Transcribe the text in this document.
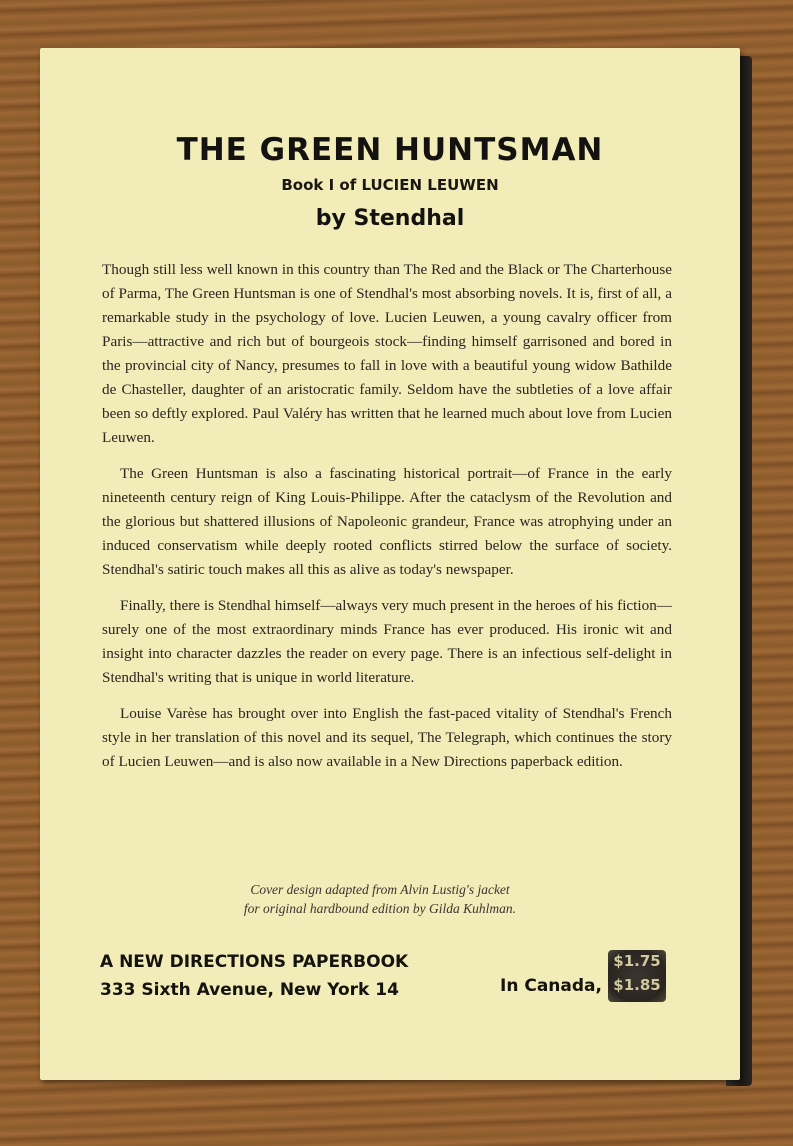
THE GREEN HUNTSMAN
Book I of LUCIEN LEUWEN
by Stendhal

Though still less well known in this country than The Red and the Black or The Charterhouse of Parma, The Green Huntsman is one of Stendhal's most absorbing novels. It is, first of all, a remarkable study in the psychology of love. Lucien Leuwen, a young cavalry officer from Paris—attractive and rich but of bourgeois stock—finding himself garrisoned and bored in the provincial city of Nancy, presumes to fall in love with a beautiful young widow Bathilde de Chasteller, daughter of an aristocratic family. Seldom have the subtleties of a love affair been so deftly explored. Paul Valéry has written that he learned much about love from Lucien Leuwen.

The Green Huntsman is also a fascinating historical portrait—of France in the early nineteenth century reign of King Louis-Philippe. After the cataclysm of the Revolution and the glorious but shattered illusions of Napoleonic grandeur, France was atrophying under an induced conservatism while deeply rooted conflicts stirred below the surface of society. Stendhal's satiric touch makes all this as alive as today's newspaper.

Finally, there is Stendhal himself—always very much present in the heroes of his fiction—surely one of the most extraordinary minds France has ever produced. His ironic wit and insight into character dazzles the reader on every page. There is an infectious self-delight in Stendhal's writing that is unique in world literature.

Louise Varèse has brought over into English the fast-paced vitality of Stendhal's French style in her translation of this novel and its sequel, The Telegraph, which continues the story of Lucien Leuwen—and is also now available in a New Directions paperback edition.

Cover design adapted from Alvin Lustig's jacket
for original hardbound edition by Gilda Kuhlman.
A NEW DIRECTIONS PAPERBOOK
333 Sixth Avenue, New York 14	In Canada,
$1.75
$1.85
